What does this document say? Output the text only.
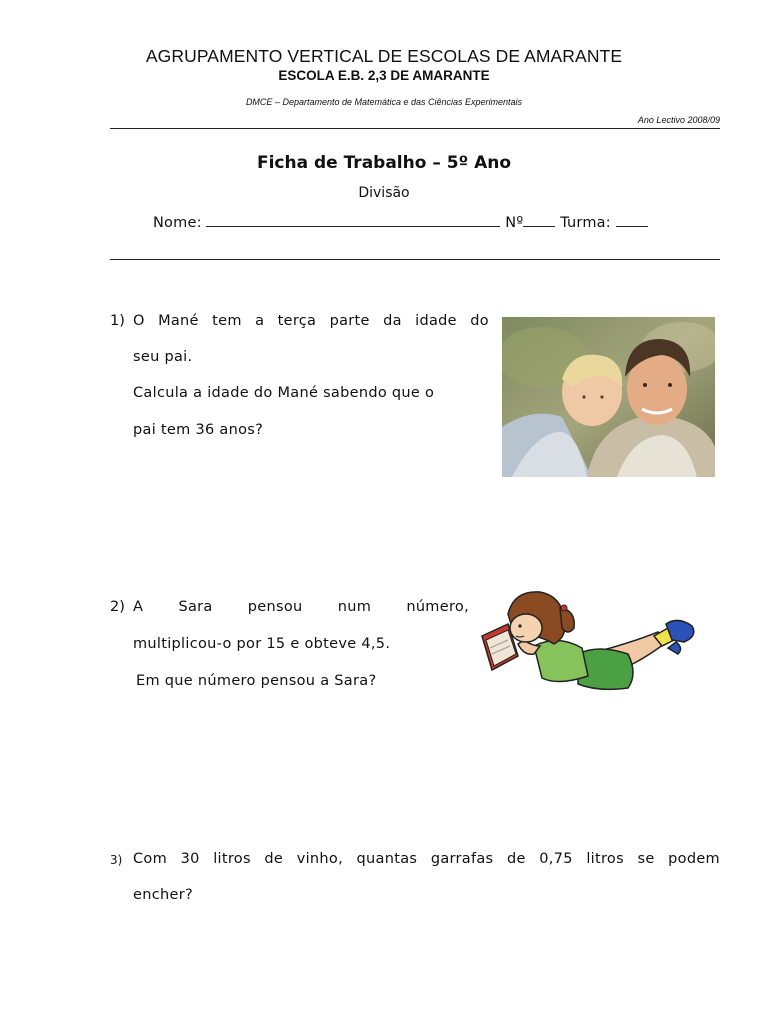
AGRUPAMENTO VERTICAL DE ESCOLAS DE AMARANTE
ESCOLA E.B. 2,3 DE AMARANTE
DMCE – Departamento de Matemática e das Ciências Experimentais
Ano Lectivo 2008/09
Ficha de Trabalho – 5º Ano
Divisão
Nome:	Nº	Turma:
1) O Mané tem a terça parte da idade do
seu pai.
Calcula a idade do Mané sabendo que o
pai tem 36 anos?
2) A Sara pensou num número,
multiplicou-o por 15 e obteve 4,5.
Em que número pensou a Sara?
3) Com 30 litros de vinho, quantas garrafas de 0,75 litros se podem
encher?
